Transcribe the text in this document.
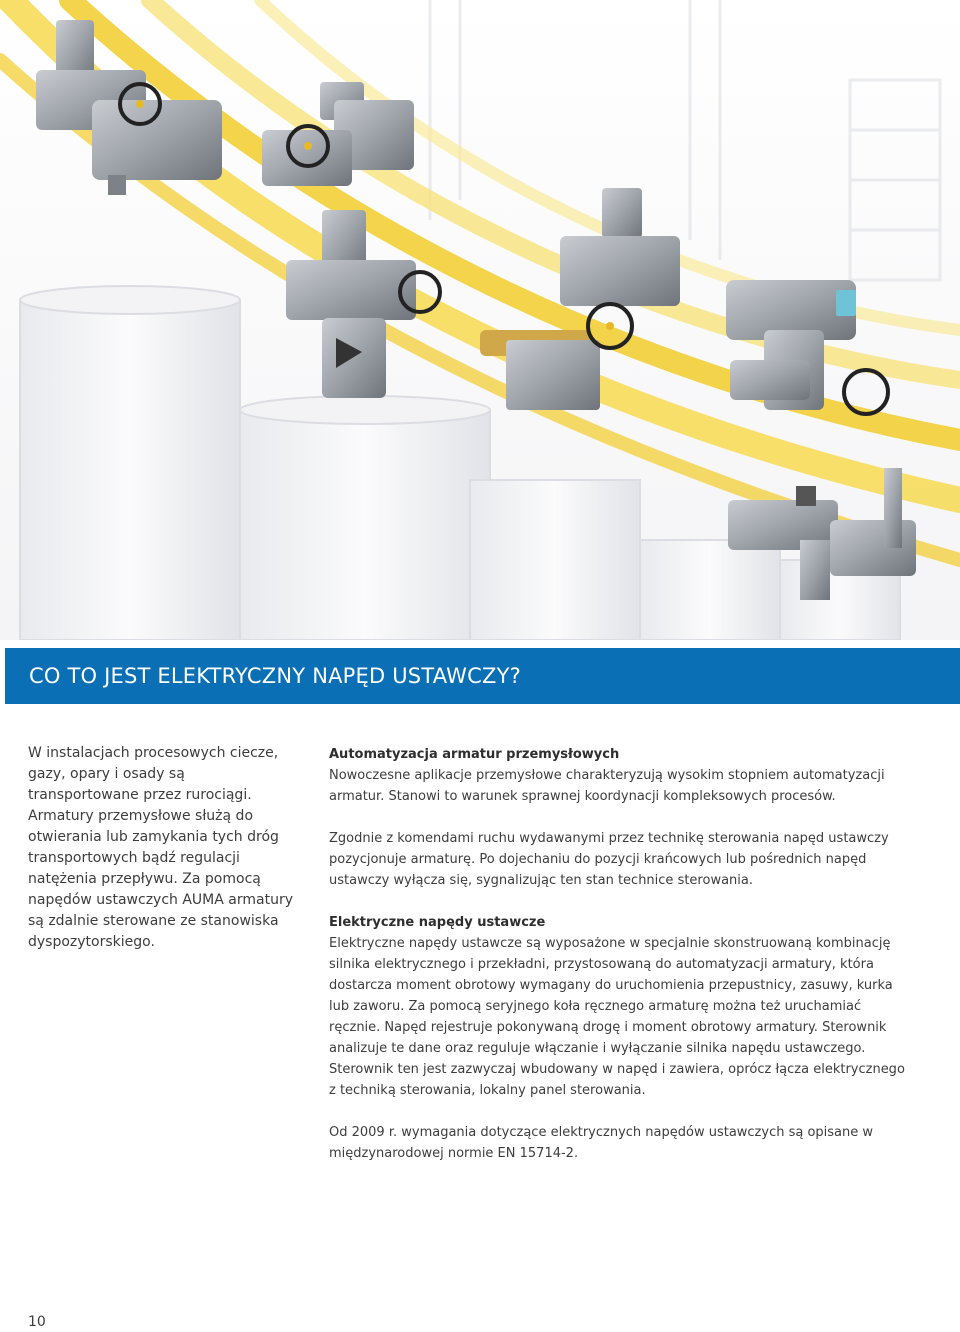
CO TO JEST ELEKTRYCZNY NAPĘD USTAWCZY?
W instalacjach procesowych ciecze, gazy, opary i osady są transportowane przez rurociągi. Armatury przemysłowe służą do otwierania lub zamykania tych dróg transportowych bądź regulacji natężenia przepływu. Za pomocą napędów ustawczych AUMA armatury są zdalnie sterowane ze stanowiska dyspozytorskiego.
Automatyzacja armatur przemysłowych

Nowoczesne aplikacje przemysłowe charakteryzują wysokim stopniem automatyzacji armatur. Stanowi to warunek sprawnej koordynacji kompleksowych procesów.

Zgodnie z komendami ruchu wydawanymi przez technikę sterowania napęd ustawczy pozycjonuje armaturę. Po dojechaniu do pozycji krańcowych lub pośrednich napęd ustawczy wyłącza się, sygnalizując ten stan technice sterowania.

Elektryczne napędy ustawcze

Elektryczne napędy ustawcze są wyposażone w specjalnie skonstruowaną kombinację silnika elektrycznego i przekładni, przystosowaną do automatyzacji armatury, która dostarcza moment obrotowy wymagany do uruchomienia przepustnicy, zasuwy, kurka lub zaworu. Za pomocą seryjnego koła ręcznego armaturę można też uruchamiać ręcznie. Napęd rejestruje pokonywaną drogę i moment obrotowy armatury. Sterownik analizuje te dane oraz reguluje włączanie i wyłączanie silnika napędu ustawczego. Sterownik ten jest zazwyczaj wbudowany w napęd i zawiera, oprócz łącza elektrycznego z techniką sterowania, lokalny panel sterowania.

Od 2009 r. wymagania dotyczące elektrycznych napędów ustawczych są opisane w międzynarodowej normie EN 15714-2.

10
